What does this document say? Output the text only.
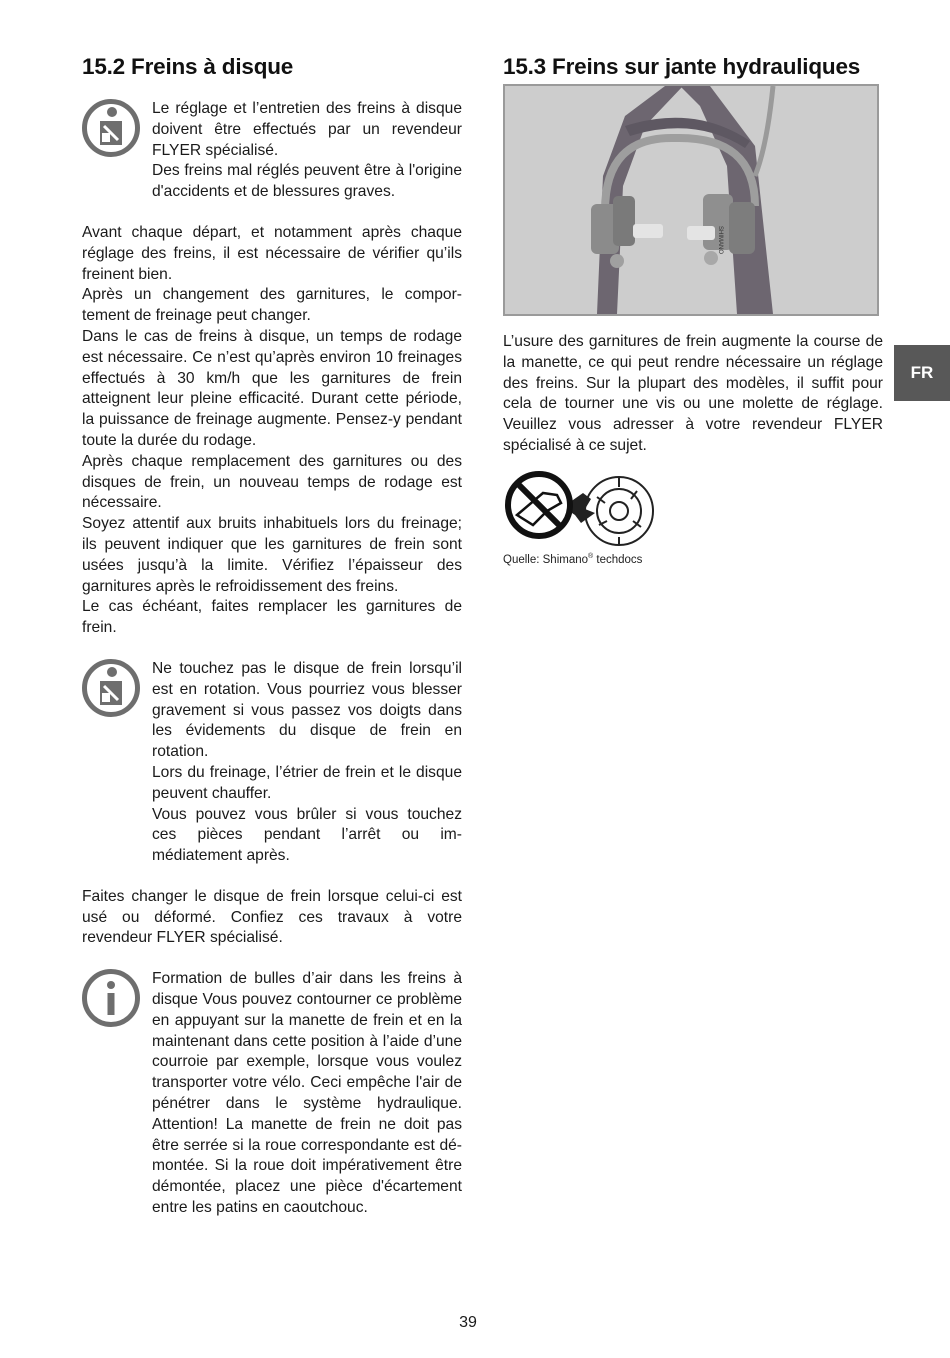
15.2 Freins à disque

Le réglage et l’entretien des freins à disque doivent être effectués par un revendeur FLYER spécialisé.

Des freins mal réglés peuvent être à l'origine d'accidents et de blessures graves.

Avant chaque départ, et notamment après chaque réglage des freins, il est nécessaire de vérifier qu’ils freinent bien.

Après un changement des garnitures, le comportement de freinage peut changer.

Dans le cas de freins à disque, un temps de rodage est nécessaire. Ce n’est qu’après environ 10 freinages effectués à 30 km/h que les garnitures de frein atteignent leur pleine efficacité. Durant cette période, la puissance de freinage augmente. Pensez-y pendant toute la durée du rodage.

Après chaque remplacement des garnitures ou des disques de frein, un nouveau temps de rodage est nécessaire.

Soyez attentif aux bruits inhabituels lors du freinage; ils peuvent indiquer que les garnitures de frein sont usées jusqu’à la limite. Vérifiez l’épaisseur des garnitures après le refroidissement des freins.

Le cas échéant, faites remplacer les garnitures de frein.

Ne touchez pas le disque de frein lorsqu’il est en rotation. Vous pourriez vous blesser gravement si vous passez vos doigts dans les évidements du disque de frein en rotation.

Lors du freinage, l’étrier de frein et le disque peuvent chauffer.

Vous pouvez vous brûler si vous touchez ces pièces pendant l’arrêt ou immédiatement après.

Faites changer le disque de frein lorsque celui-ci est usé ou déformé. Confiez ces travaux à votre revendeur FLYER spécialisé.

Formation de bulles d’air dans les freins à disque Vous pouvez contourner ce problème en appuyant sur la manette de frein et en la maintenant dans cette position à l’aide d’une courroie par exemple, lorsque vous voulez transporter votre vélo. Ceci empêche l'air de pénétrer dans le système hydraulique. Attention! La manette de frein ne doit pas être serrée si la roue correspondante est démontée. Si la roue doit impérativement être démontée, placez une pièce d'écartement entre les patins en caoutchouc.

15.3 Freins sur jante hydrauliques
SHIMANO

L’usure des garnitures de frein augmente la course de la manette, ce qui peut rendre nécessaire un réglage des freins. Sur la plupart des modèles, il suffit pour cela de tourner une vis ou une molette de réglage. Veuillez vous adresser à votre revendeur FLYER spécialisé à ce sujet.

Quelle: Shimano® techdocs
FR
39
